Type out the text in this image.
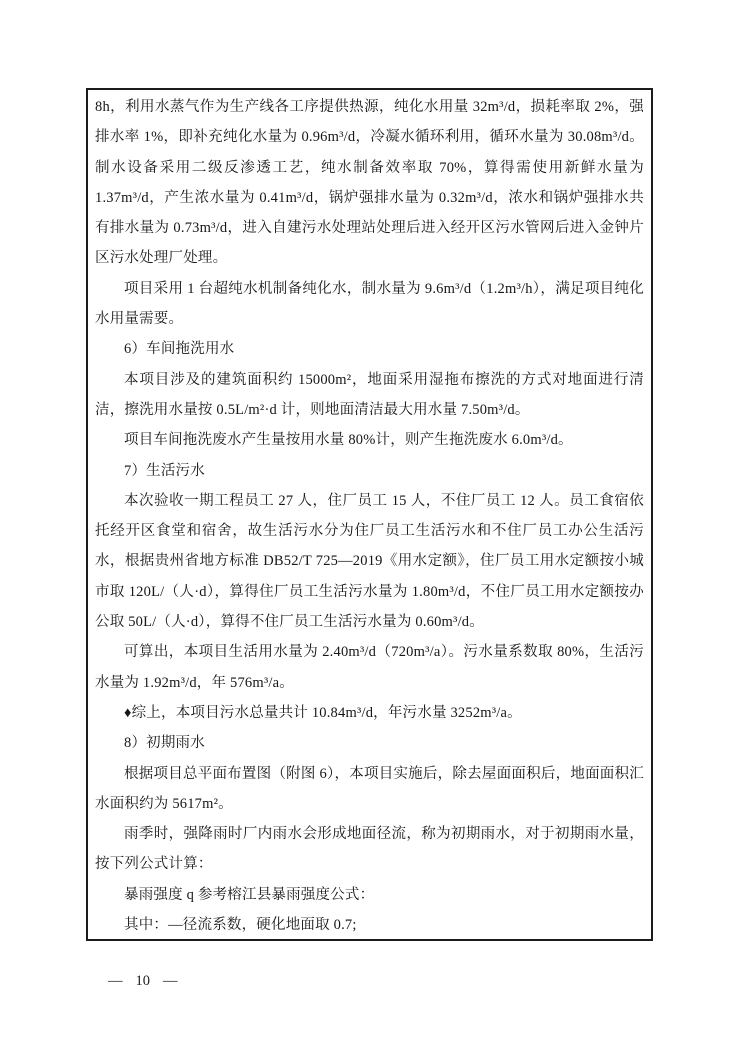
8h，利用水蒸气作为生产线各工序提供热源，纯化水用量 32m³/d，损耗率取 2%，强排水率 1%，即补充纯化水量为 0.96m³/d，冷凝水循环利用，循环水量为 30.08m³/d。制水设备采用二级反渗透工艺，纯水制备效率取 70%，算得需使用新鲜水量为 1.37m³/d，产生浓水量为 0.41m³/d，锅炉强排水量为 0.32m³/d，浓水和锅炉强排水共有排水量为 0.73m³/d，进入自建污水处理站处理后进入经开区污水管网后进入金钟片区污水处理厂处理。

项目采用 1 台超纯水机制备纯化水，制水量为 9.6m³/d（1.2m³/h），满足项目纯化水用量需要。

6）车间拖洗用水

本项目涉及的建筑面积约 15000m²，地面采用湿拖布擦洗的方式对地面进行清洁，擦洗用水量按 0.5L/m²·d 计，则地面清洁最大用水量 7.50m³/d。

项目车间拖洗废水产生量按用水量 80%计，则产生拖洗废水 6.0m³/d。

7）生活污水

本次验收一期工程员工 27 人，住厂员工 15 人，不住厂员工 12 人。员工食宿依托经开区食堂和宿舍，故生活污水分为住厂员工生活污水和不住厂员工办公生活污水，根据贵州省地方标准 DB52/T 725—2019《用水定额》，住厂员工用水定额按小城市取 120L/（人·d），算得住厂员工生活污水量为 1.80m³/d，不住厂员工用水定额按办公取 50L/（人·d），算得不住厂员工生活污水量为 0.60m³/d。

可算出，本项目生活用水量为 2.40m³/d（720m³/a）。污水量系数取 80%，生活污水量为 1.92m³/d，年 576m³/a。

♦综上，本项目污水总量共计 10.84m³/d，年污水量 3252m³/a。

8）初期雨水

根据项目总平面布置图（附图 6），本项目实施后，除去屋面面积后，地面面积汇水面积约为 5617m²。

雨季时，强降雨时厂内雨水会形成地面径流，称为初期雨水，对于初期雨水量，按下列公式计算：

暴雨强度 q 参考榕江县暴雨强度公式：

其中：—径流系数，硬化地面取 0.7;

— 10 —
